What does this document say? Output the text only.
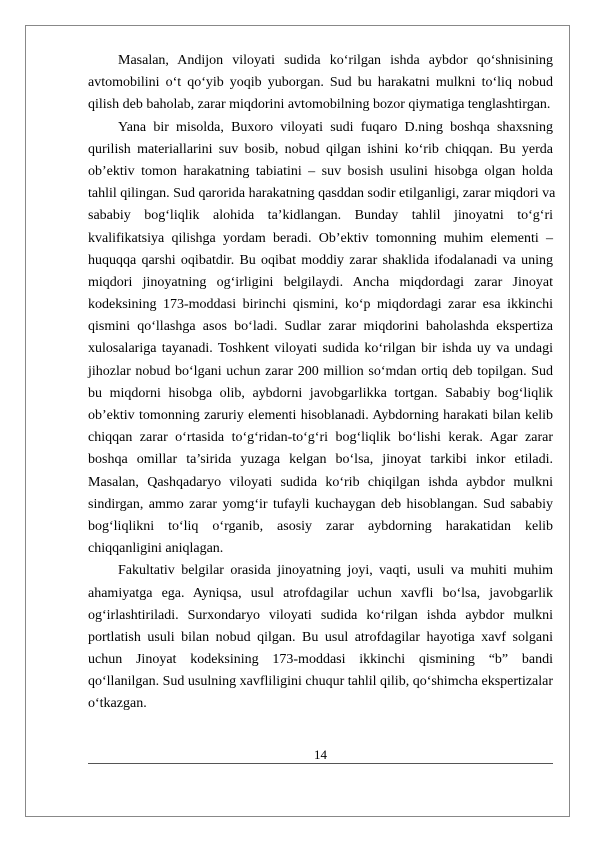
Masalan, Andijon viloyati sudida ko‘rilgan ishda aybdor qo‘shnisining
avtomobilini o‘t qo‘yib yoqib yuborgan. Sud bu harakatni mulkni to‘liq nobud
qilish deb baholab, zarar miqdorini avtomobilning bozor qiymatiga tenglashtirgan.
Yana bir misolda, Buxoro viloyati sudi fuqaro D.ning boshqa shaxsning
qurilish materiallarini suv bosib, nobud qilgan ishini ko‘rib chiqqan. Bu yerda
ob’ektiv tomon harakatning tabiatini – suv bosish usulini hisobga olgan holda
tahlil qilingan. Sud qarorida harakatning qasddan sodir etilganligi, zarar miqdori va
sababiy bog‘liqlik alohida ta’kidlangan. Bunday tahlil jinoyatni to‘g‘ri
kvalifikatsiya qilishga yordam beradi. Ob’ektiv tomonning muhim elementi –
huquqqa qarshi oqibatdir. Bu oqibat moddiy zarar shaklida ifodalanadi va uning
miqdori jinoyatning og‘irligini belgilaydi. Ancha miqdordagi zarar Jinoyat
kodeksining 173-moddasi birinchi qismini, ko‘p miqdordagi zarar esa ikkinchi
qismini qo‘llashga asos bo‘ladi. Sudlar zarar miqdorini baholashda ekspertiza
xulosalariga tayanadi. Toshkent viloyati sudida ko‘rilgan bir ishda uy va undagi
jihozlar nobud bo‘lgani uchun zarar 200 million so‘mdan ortiq deb topilgan. Sud
bu miqdorni hisobga olib, aybdorni javobgarlikka tortgan. Sababiy bog‘liqlik
ob’ektiv tomonning zaruriy elementi hisoblanadi. Aybdorning harakati bilan kelib
chiqqan zarar o‘rtasida to‘g‘ridan-to‘g‘ri bog‘liqlik bo‘lishi kerak. Agar zarar
boshqa omillar ta’sirida yuzaga kelgan bo‘lsa, jinoyat tarkibi inkor etiladi.
Masalan, Qashqadaryo viloyati sudida ko‘rib chiqilgan ishda aybdor mulkni
sindirgan, ammo zarar yomg‘ir tufayli kuchaygan deb hisoblangan. Sud sababiy
bog‘liqlikni to‘liq o‘rganib, asosiy zarar aybdorning harakatidan kelib
chiqqanligini aniqlagan.
Fakultativ belgilar orasida jinoyatning joyi, vaqti, usuli va muhiti muhim
ahamiyatga ega. Ayniqsa, usul atrofdagilar uchun xavfli bo‘lsa, javobgarlik
og‘irlashtiriladi. Surxondaryo viloyati sudida ko‘rilgan ishda aybdor mulkni
portlatish usuli bilan nobud qilgan. Bu usul atrofdagilar hayotiga xavf solgani
uchun Jinoyat kodeksining 173-moddasi ikkinchi qismining “b” bandi
qo‘llanilgan. Sud usulning xavfliligini chuqur tahlil qilib, qo‘shimcha ekspertizalar
o‘tkazgan.
14
